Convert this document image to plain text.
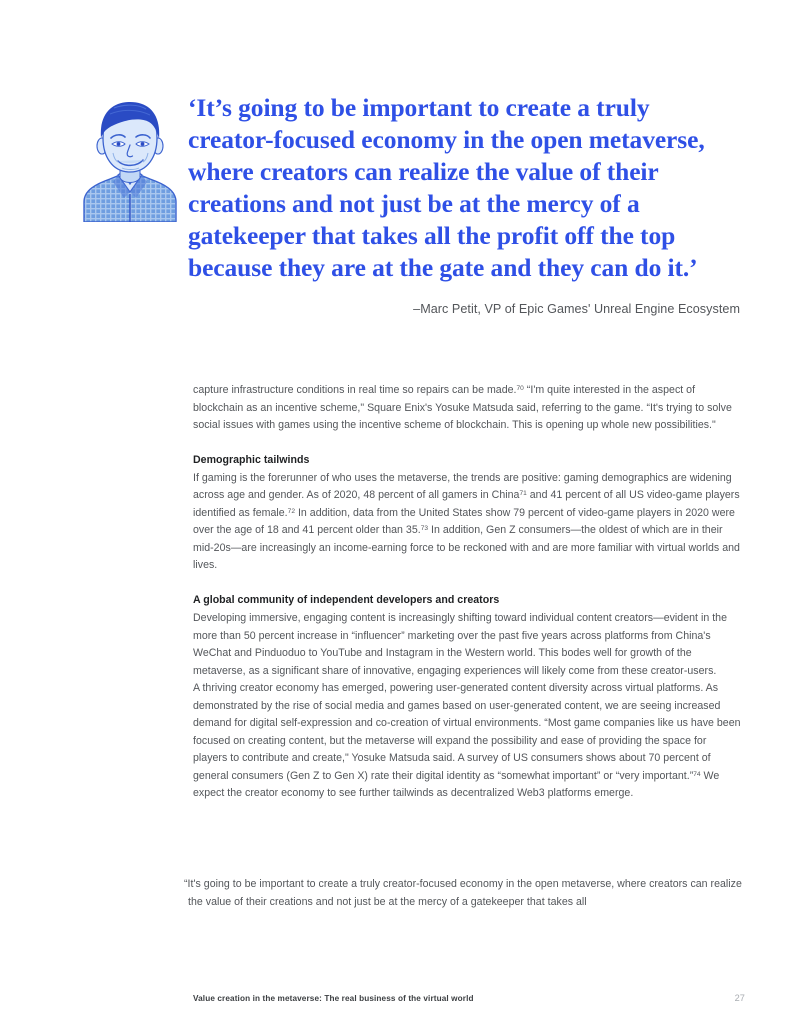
‘It’s going to be important to create a truly creator-focused economy in the open metaverse, where creators can realize the value of their creations and not just be at the mercy of a gatekeeper that takes all the profit off the top because they are at the gate and they can do it.’

–Marc Petit, VP of Epic Games' Unreal Engine Ecosystem

capture infrastructure conditions in real time so repairs can be made.$^{70}$ “I'm quite interested in the aspect of blockchain as an incentive scheme," Square Enix's Yosuke Matsuda said, referring to the game. “It's trying to solve social issues with games using the incentive scheme of blockchain. This is opening up whole new possibilities."

Demographic tailwinds

If gaming is the forerunner of who uses the metaverse, the trends are positive: gaming demographics are widening across age and gender. As of 2020, 48 percent of all gamers in China$^{71}$ and 41 percent of all US video-game players identified as female.$^{72}$ In addition, data from the United States show 79 percent of video-game players in 2020 were over the age of 18 and 41 percent older than 35.73 In addition, Gen Z consumers—the oldest of which are in their mid-20s—are increasingly an income-earning force to be reckoned with and are more familiar with virtual worlds and lives.

A global community of independent developers and creators

Developing immersive, engaging content is increasingly shifting toward individual content creators—evident in the more than 50 percent increase in “influencer” marketing over the past five years across platforms from China's WeChat and Pinduoduo to YouTube and Instagram in the Western world. This bodes well for growth of the metaverse, as a significant share of innovative, engaging experiences will likely come from these creator-users.

A thriving creator economy has emerged, powering user-generated content diversity across virtual platforms. As demonstrated by the rise of social media and games based on user-generated content, we are seeing increased demand for digital self-expression and co-creation of virtual environments. “Most game companies like us have been focused on creating content, but the metaverse will expand the possibility and ease of providing the space for players to contribute and create," Yosuke Matsuda said. A survey of US consumers shows about 70 percent of general consumers (Gen Z to Gen X) rate their digital identity as “somewhat important” or “very important.”$^{74}$ We expect the creator economy to see further tailwinds as decentralized Web3 platforms emerge.

“It's going to be important to create a truly creator-focused economy in the open metaverse, where creators can realize the value of their creations and not just be at the mercy of a gatekeeper that takes all
Value creation in the metaverse: The real business of the virtual world	27
